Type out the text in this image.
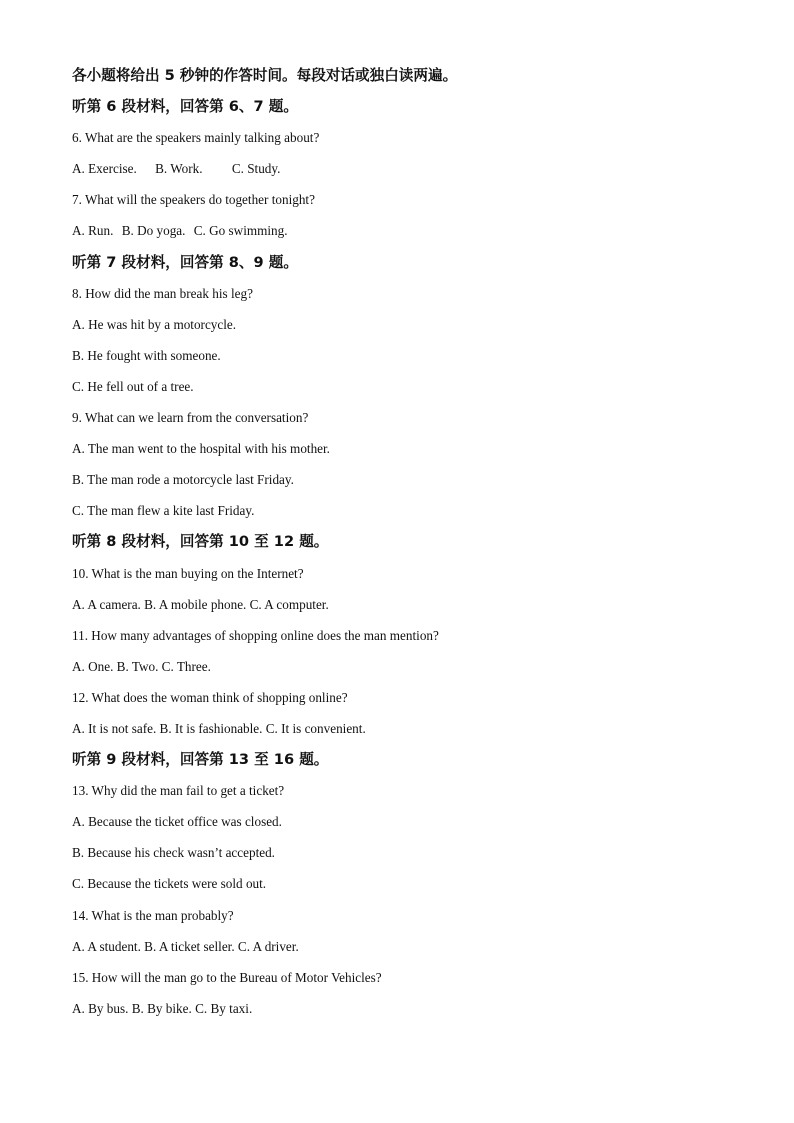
各小题将给出 5 秒钟的作答时间。每段对话或独白读两遍。
听第 6 段材料，回答第 6、7 题。
6. What are the speakers mainly talking about?
A. Exercise. B. Work. C. Study.
7. What will the speakers do together tonight?
A. Run. B. Do yoga. C. Go swimming.
听第 7 段材料，回答第 8、9 题。
8. How did the man break his leg?
A. He was hit by a motorcycle.
B. He fought with someone.
C. He fell out of a tree.
9. What can we learn from the conversation?
A. The man went to the hospital with his mother.
B. The man rode a motorcycle last Friday.
C. The man flew a kite last Friday.
听第 8 段材料，回答第 10 至 12 题。
10. What is the man buying on the Internet?
A. A camera. B. A mobile phone. C. A computer.
11. How many advantages of shopping online does the man mention?
A. One. B. Two. C. Three.
12. What does the woman think of shopping online?
A. It is not safe. B. It is fashionable. C. It is convenient.
听第 9 段材料，回答第 13 至 16 题。
13. Why did the man fail to get a ticket?
A. Because the ticket office was closed.
B. Because his check wasn’t accepted.
C. Because the tickets were sold out.
14. What is the man probably?
A. A student. B. A ticket seller. C. A driver.
15. How will the man go to the Bureau of Motor Vehicles?
A. By bus. B. By bike. C. By taxi.
